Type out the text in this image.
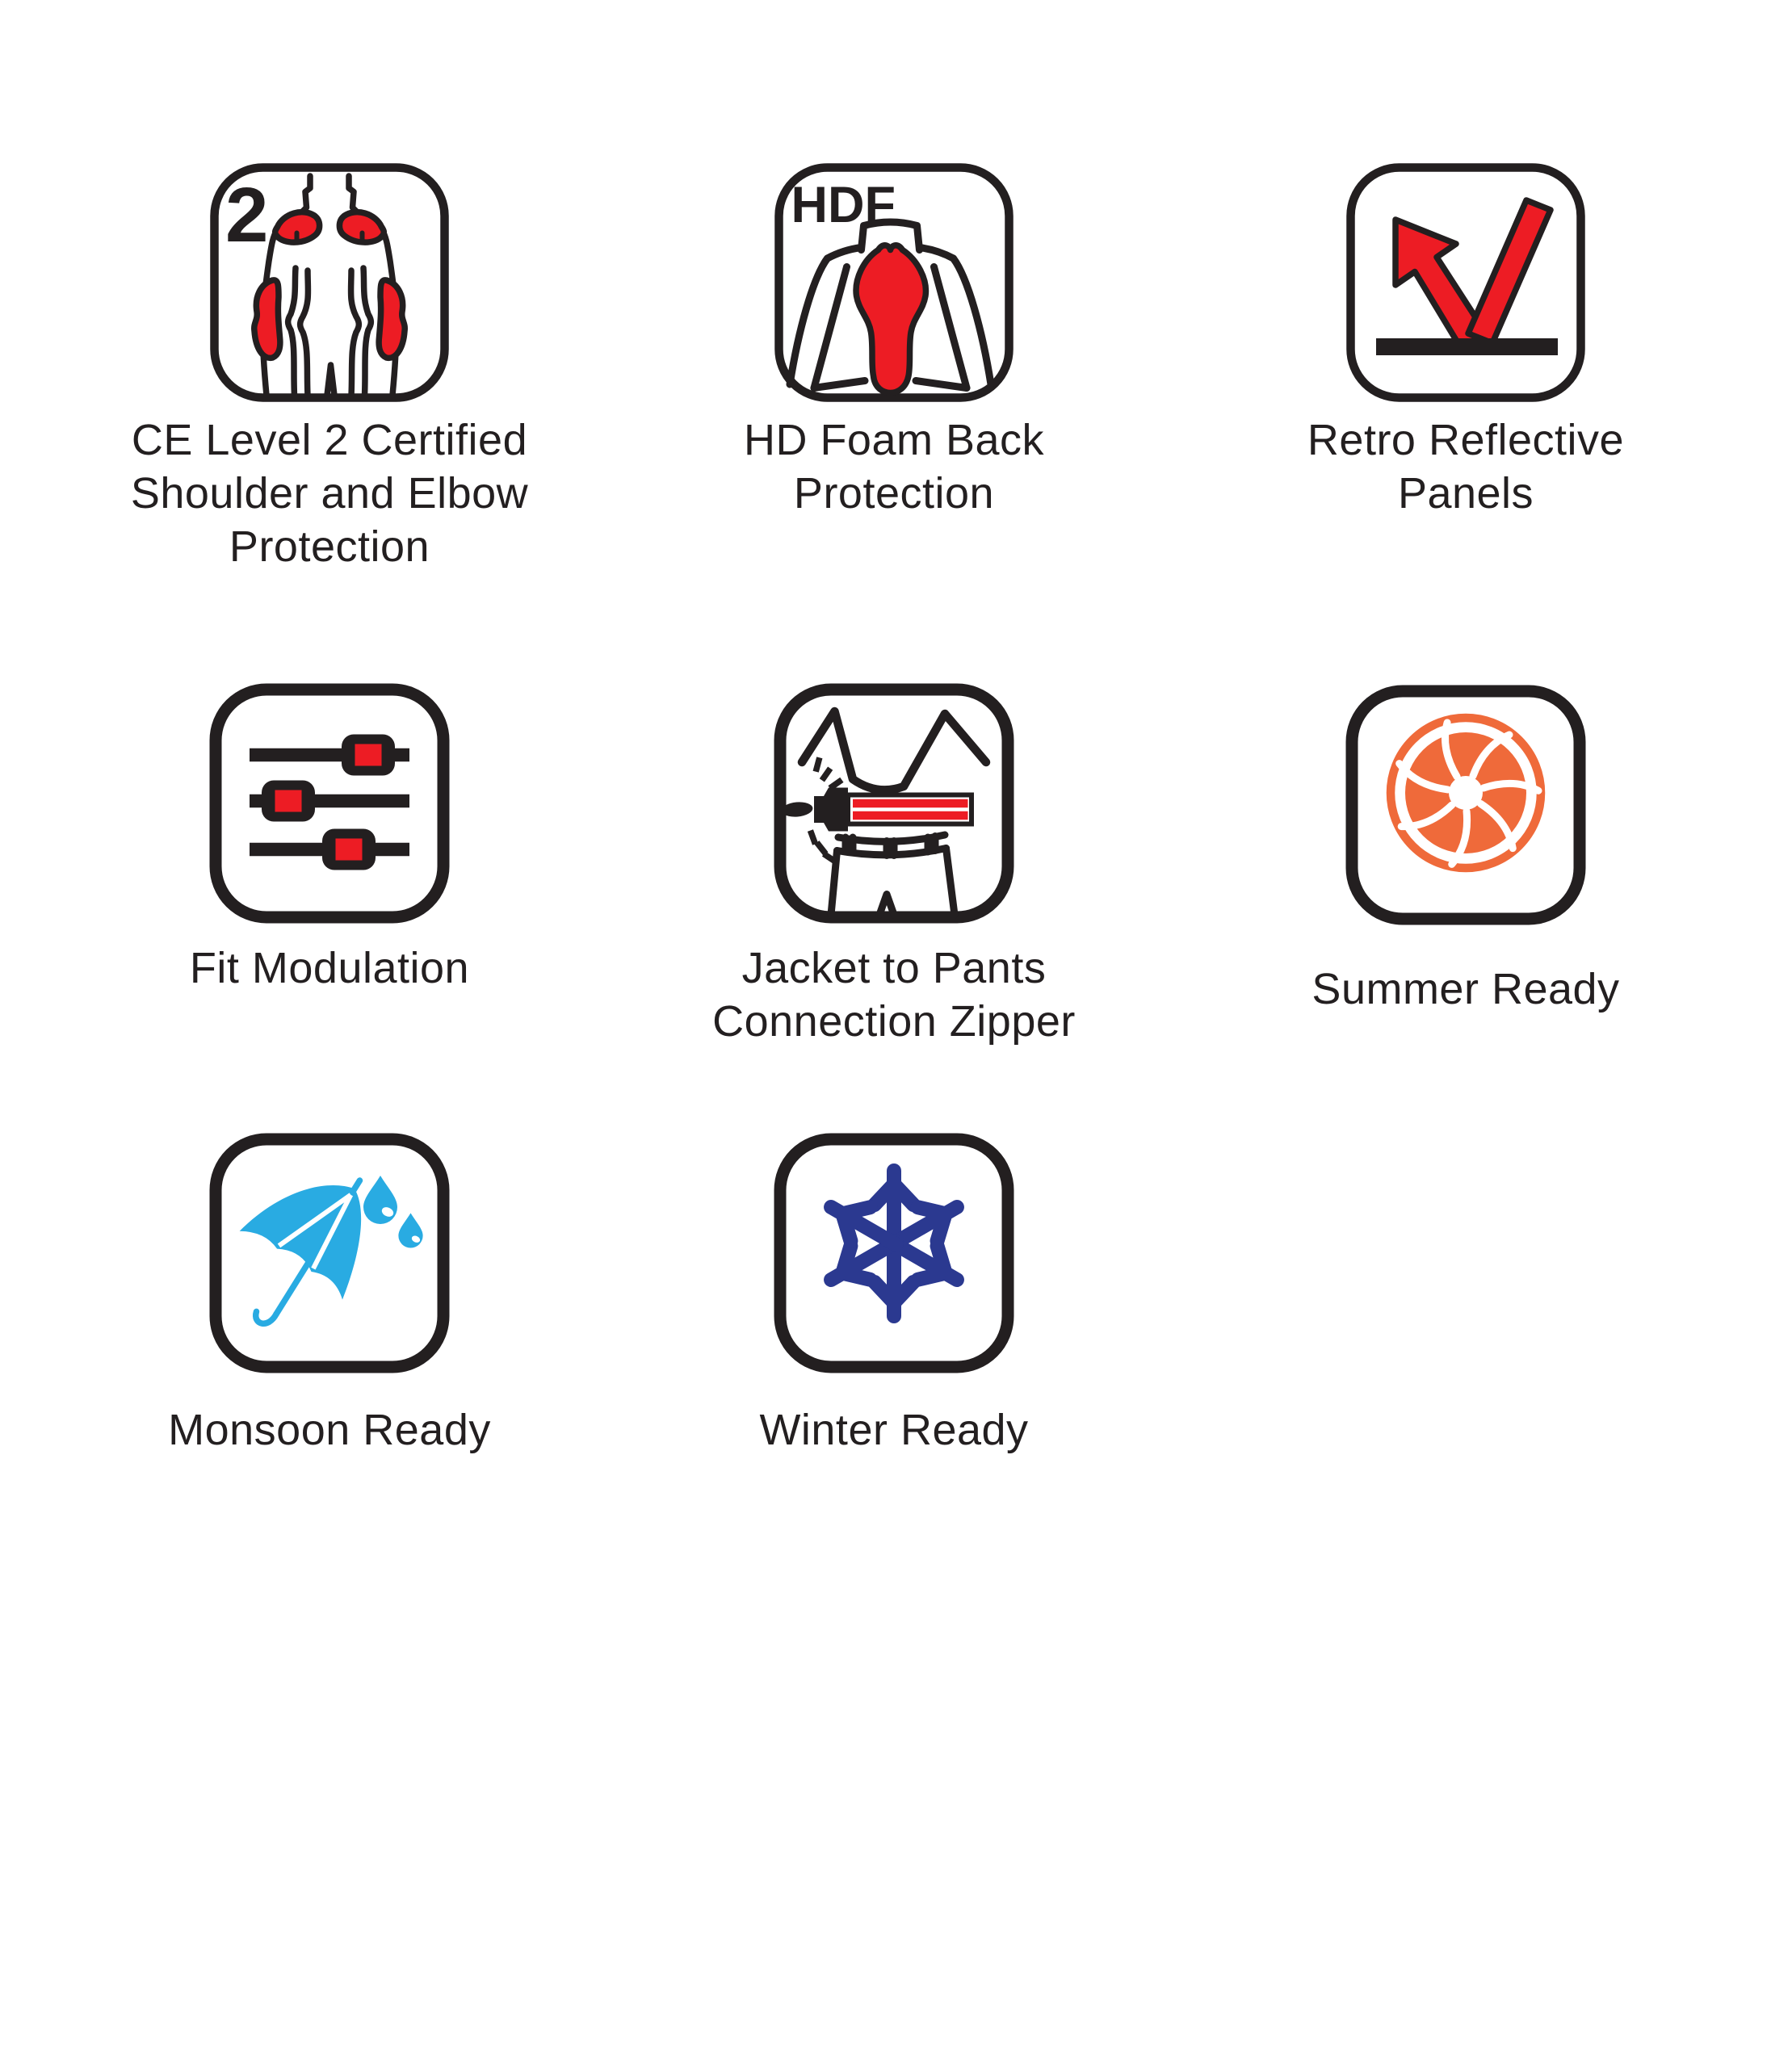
2	HDF
CE Level 2 Certified
Shoulder and Elbow
Protection
HD Foam Back
Protection
Retro Reflective
Panels
Fit Modulation	Jacket to Pants
Connection Zipper
Summer Ready
Monsoon Ready	Winter Ready
